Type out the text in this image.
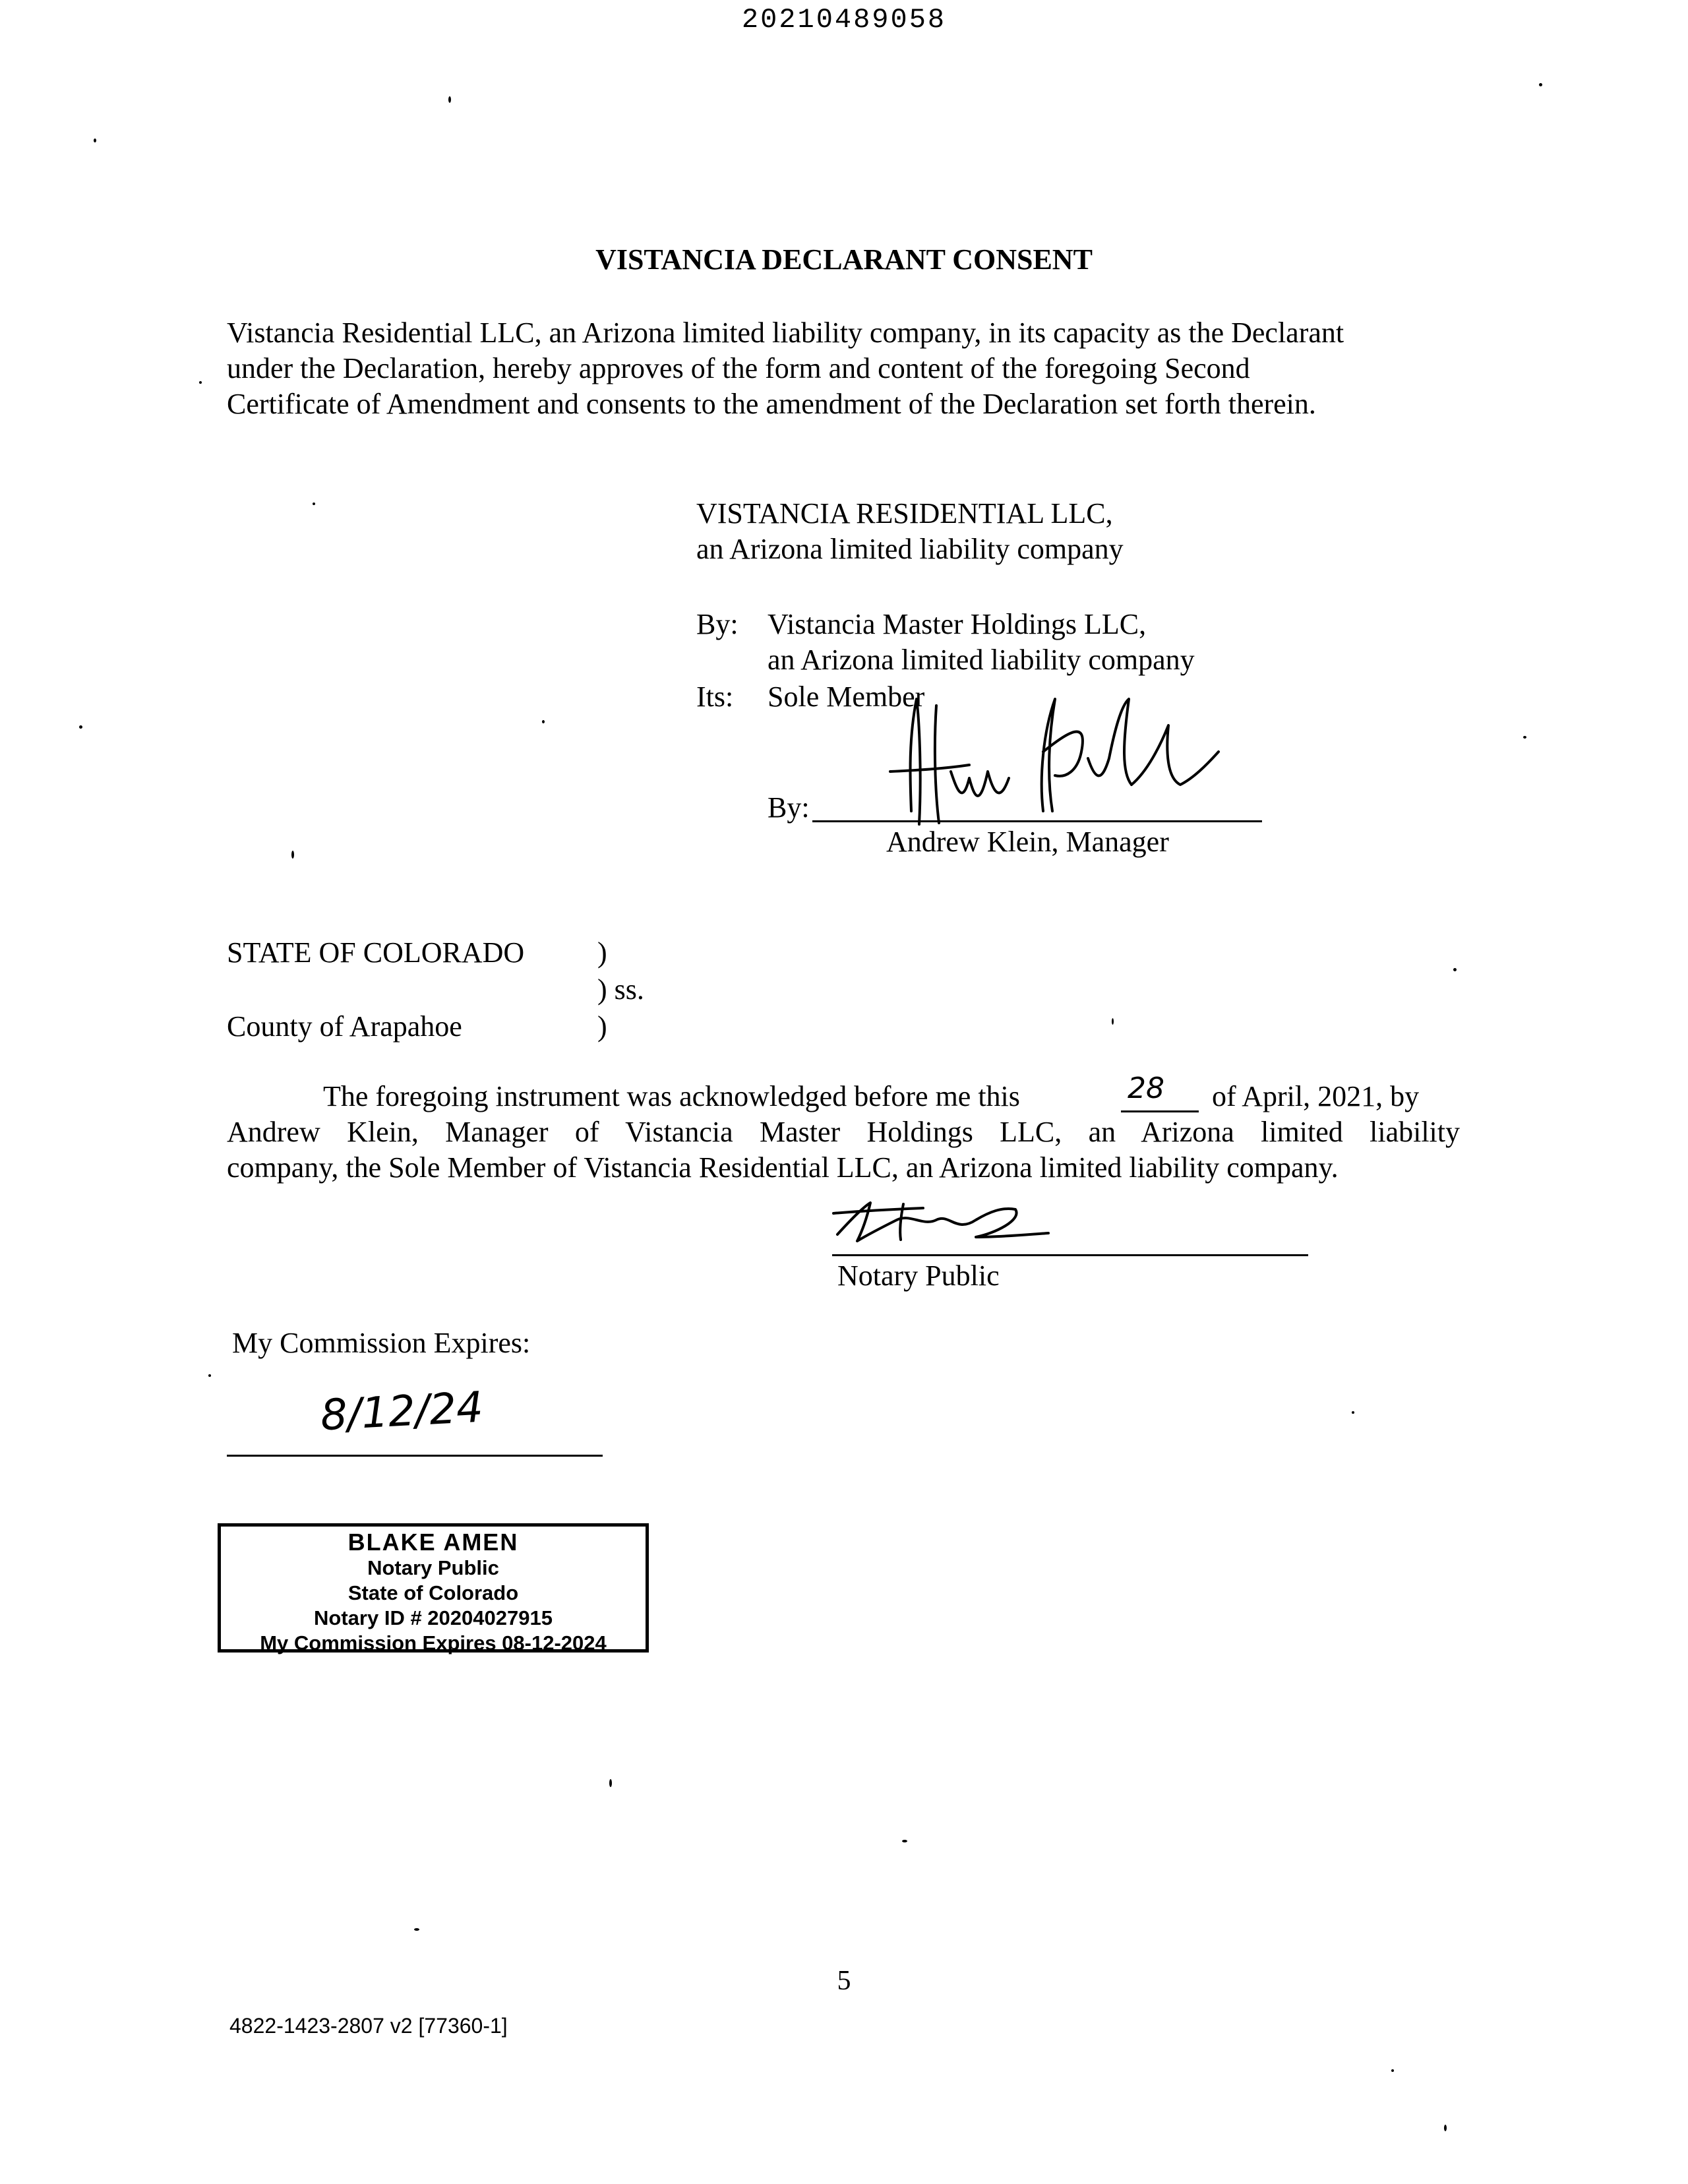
20210489058
VISTANCIA DECLARANT CONSENT
Vistancia Residential LLC, an Arizona limited liability company, in its capacity as the Declarant
under the Declaration, hereby approves of the form and content of the foregoing Second
Certificate of Amendment and consents to the amendment of the Declaration set forth therein.
VISTANCIA RESIDENTIAL LLC,
an Arizona limited liability company
By: Vistancia Master Holdings LLC,
an Arizona limited liability company
Its: Sole Member
By:
Andrew Klein, Manager
STATE OF COLORADO	)
) ss.
County of Arapahoe	)
The foregoing instrument was acknowledged before me this	28 of April, 2021, by
Andrew Klein, Manager of Vistancia Master Holdings LLC, an Arizona limited liability
company, the Sole Member of Vistancia Residential LLC, an Arizona limited liability company.
Notary Public
My Commission Expires:
8/12/24
BLAKE AMEN
Notary Public
State of Colorado
Notary ID # 20204027915
My Commission Expires 08-12-2024
5
4822-1423-2807 v2 [77360-1]
